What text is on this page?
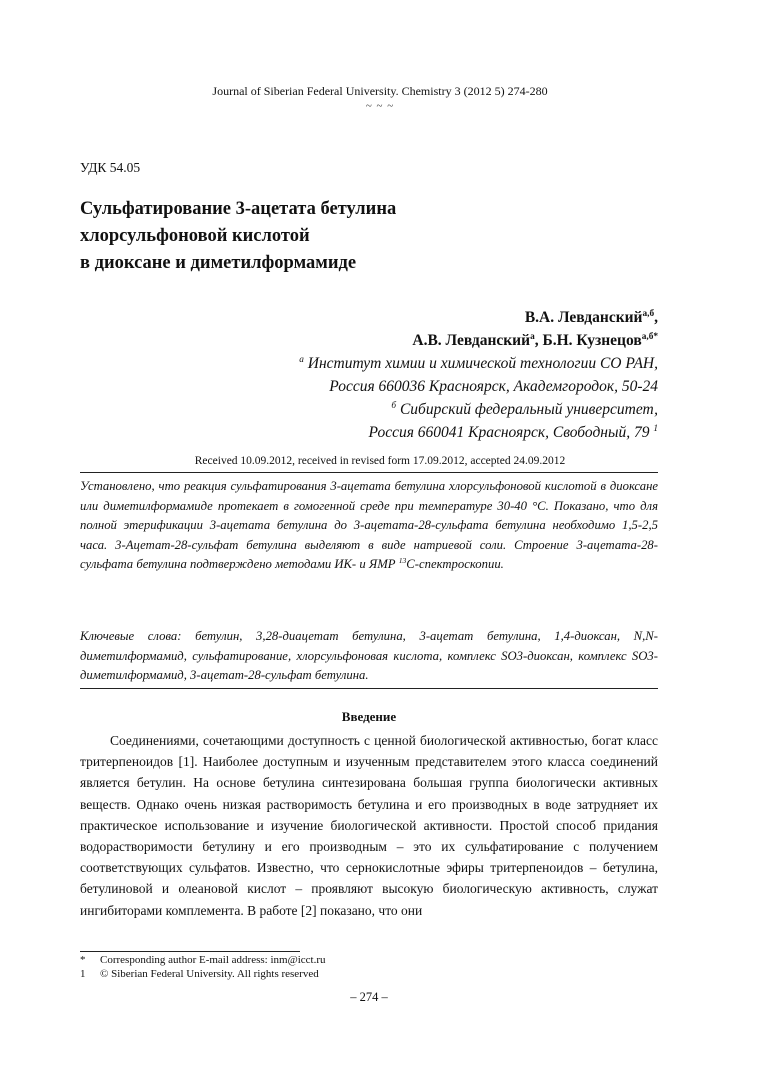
Journal of Siberian Federal University. Chemistry 3 (2012 5) 274-280
~ ~ ~
УДК 54.05
Сульфатирование 3-ацетата бетулина
хлорсульфоновой кислотой
в диоксане и диметилформамиде
В.А. Левданский$^{а,б}$,
А.В. Левданский$^а$, Б.Н. Кузнецов$^{а,б*}$
$^а$ Институт химии и химической технологии СО РАН,
Россия 660036 Красноярск, Академгородок, 50-24
$^б$ Сибирский федеральный университет,
Россия 660041 Красноярск, Свободный, 79 $^1$
Received 10.09.2012, received in revised form 17.09.2012, accepted 24.09.2012

Установлено, что реакция сульфатирования 3-ацетата бетулина хлорсульфоновой кислотой в диоксане или диметилформамиде протекает в гомогенной среде при температуре 30-40 °С. Показано, что для полной этерификации 3-ацетата бетулина до 3-ацетата-28-сульфата бетулина необходимо 1,5-2,5 часа. 3-Ацетат-28-сульфат бетулина выделяют в виде натриевой соли. Строение 3-ацетата-28-сульфата бетулина подтверждено методами ИК- и ЯМР $^{13}$С-спектроскопии.

Ключевые слова: бетулин, 3,28-диацетат бетулина, 3-ацетат бетулина, 1,4-диоксан, N,N-диметилформамид, сульфатирование, хлорсульфоновая кислота, комплекс SO3-диоксан, комплекс SO3-диметилформамид, 3-ацетат-28-сульфат бетулина.
Введение
Соединениями, сочетающими доступность с ценной биологической активностью, богат класс тритерпеноидов [1]. Наиболее доступным и изученным представителем этого класса соединений является бетулин. На основе бетулина синтезирована большая группа биологически активных веществ. Однако очень низкая растворимость бетулина и его производных в воде затрудняет их практическое использование и изучение биологической активности. Простой способ придания водорастворимости бетулину и его производным – это их сульфатирование с получением соответствующих сульфатов. Известно, что сернокислотные эфиры тритерпеноидов – бетулина, бетулиновой и олеановой кислот – проявляют высокую биологическую активность, служат ингибиторами комплемента. В работе [2] показано, что они
* Corresponding author E-mail address: inm@icct.ru
1 © Siberian Federal University. All rights reserved
– 274 –
